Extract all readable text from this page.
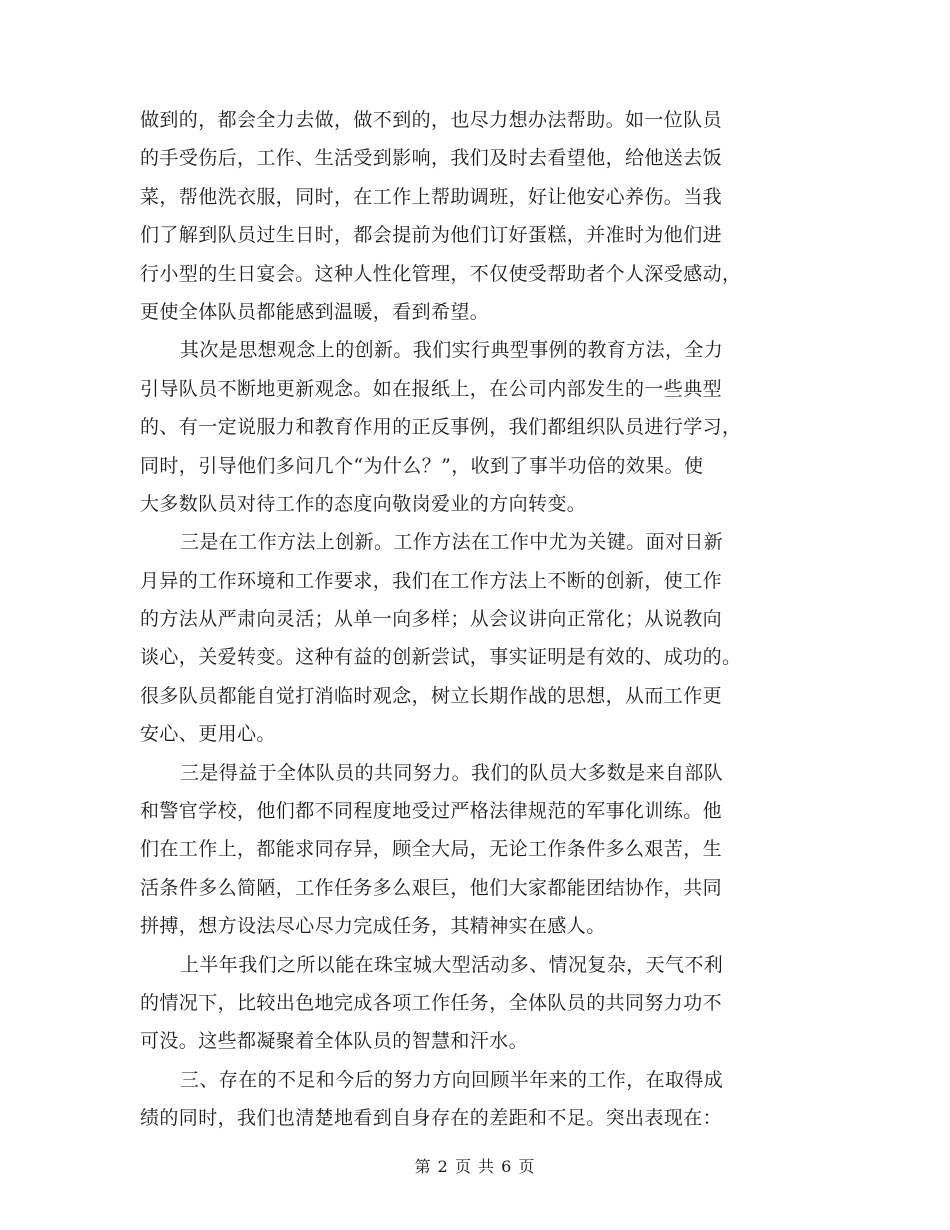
做到的，都会全力去做，做不到的，也尽力想办法帮助。如一位队员
的手受伤后，工作、生活受到影响，我们及时去看望他，给他送去饭
菜，帮他洗衣服，同时，在工作上帮助调班，好让他安心养伤。当我
们了解到队员过生日时，都会提前为他们订好蛋糕，并准时为他们进
行小型的生日宴会。这种人性化管理，不仅使受帮助者个人深受感动，
更使全体队员都能感到温暖，看到希望。
其次是思想观念上的创新。我们实行典型事例的教育方法，全力
引导队员不断地更新观念。如在报纸上，在公司内部发生的一些典型
的、有一定说服力和教育作用的正反事例，我们都组织队员进行学习，
同时，引导他们多问几个“为什么？”，收到了事半功倍的效果。使
大多数队员对待工作的态度向敬岗爱业的方向转变。
三是在工作方法上创新。工作方法在工作中尤为关键。面对日新
月异的工作环境和工作要求，我们在工作方法上不断的创新，使工作
的方法从严肃向灵活；从单一向多样；从会议讲向正常化；从说教向
谈心，关爱转变。这种有益的创新尝试，事实证明是有效的、成功的。
很多队员都能自觉打消临时观念，树立长期作战的思想，从而工作更
安心、更用心。
三是得益于全体队员的共同努力。我们的队员大多数是来自部队
和警官学校，他们都不同程度地受过严格法律规范的军事化训练。他
们在工作上，都能求同存异，顾全大局，无论工作条件多么艰苦，生
活条件多么简陋，工作任务多么艰巨，他们大家都能团结协作，共同
拼搏，想方设法尽心尽力完成任务，其精神实在感人。
上半年我们之所以能在珠宝城大型活动多、情况复杂，天气不利
的情况下，比较出色地完成各项工作任务，全体队员的共同努力功不
可没。这些都凝聚着全体队员的智慧和汗水。
三、存在的不足和今后的努力方向回顾半年来的工作，在取得成
绩的同时，我们也清楚地看到自身存在的差距和不足。突出表现在：
第 2 页 共 6 页
